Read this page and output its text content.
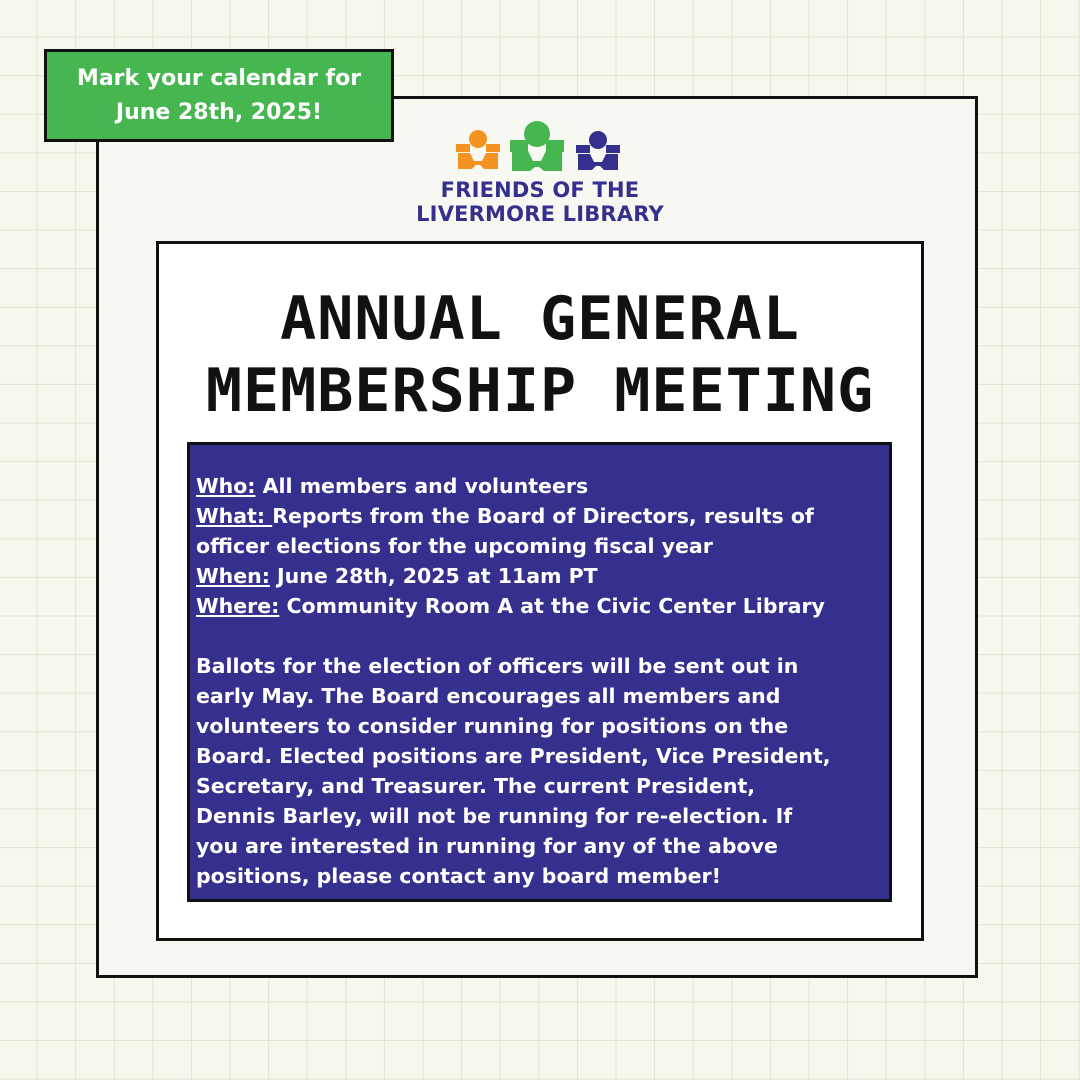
Mark your calendar for
June 28th, 2025!
FRIENDS OF THE
LIVERMORE LIBRARY
ANNUAL GENERAL
MEMBERSHIP MEETING
Who: All members and volunteers
What: Reports from the Board of Directors, results of
officer elections for the upcoming fiscal year
When: June 28th, 2025 at 11am PT
Where: Community Room A at the Civic Center Library
Ballots for the election of officers will be sent out in
early May. The Board encourages all members and
volunteers to consider running for positions on the
Board. Elected positions are President, Vice President,
Secretary, and Treasurer. The current President,
Dennis Barley, will not be running for re-election. If
you are interested in running for any of the above
positions, please contact any board member!
